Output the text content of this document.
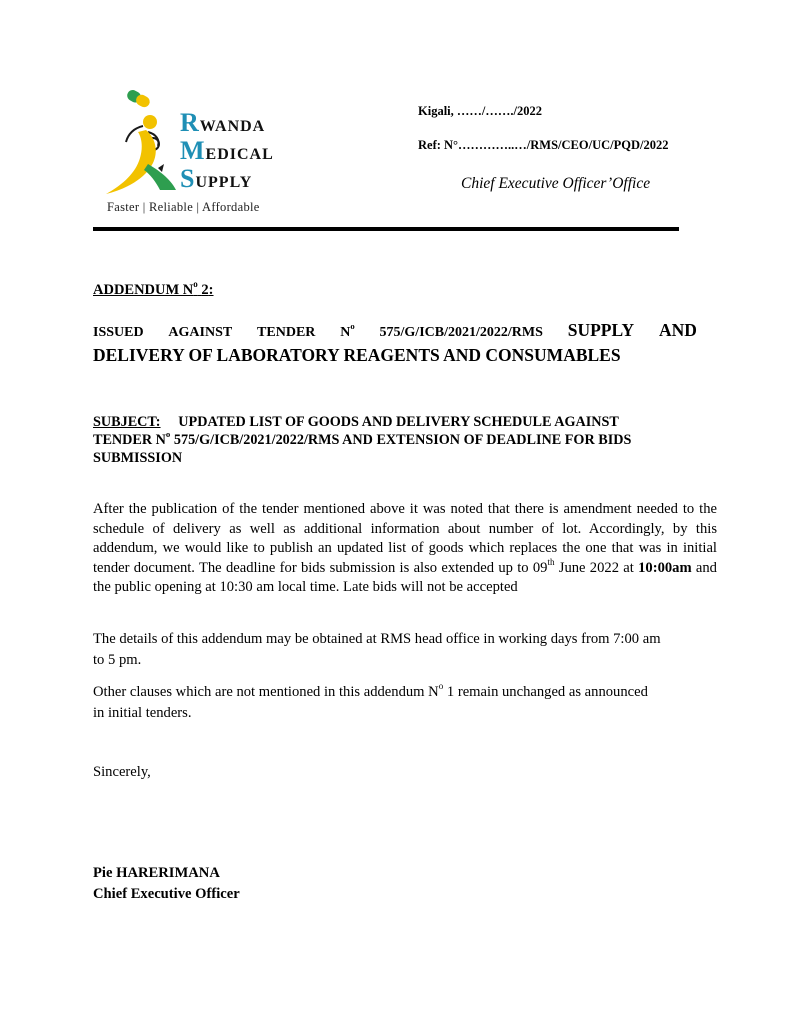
RWANDA
MEDICAL
SUPPLY
Faster | Reliable | Affordable
Kigali, ……/……./2022
Ref: N°…………..…/RMS/CEO/UC/PQD/2022
Chief Executive Officer’Office
ADDENDUM $N^o$ 2:
ISSUED AGAINST TENDER $N^o$ 575/G/ICB/2021/2022/RMS SUPPLY AND
DELIVERY OF LABORATORY REAGENTS AND CONSUMABLES
SUBJECT: UPDATED LIST OF GOODS AND DELIVERY SCHEDULE AGAINST
TENDER $N^o$ 575/G/ICB/2021/2022/RMS AND EXTENSION OF DEADLINE FOR BIDS
SUBMISSION
After the publication of the tender mentioned above it was noted that there is amendment needed to the schedule of delivery as well as additional information about number of lot. Accordingly, by this addendum, we would like to publish an updated list of goods which replaces the one that was in initial tender document. The deadline for bids submission is also extended up to 09th June 2022 at 10:00am and the public opening at 10:30 am local time. Late bids will not be accepted
The details of this addendum may be obtained at RMS head office in working days from 7:00 am
to 5 pm.
Other clauses which are not mentioned in this addendum $N^o$ 1 remain unchanged as announced
in initial tenders.
Sincerely,
Pie HARERIMANA
Chief Executive Officer
